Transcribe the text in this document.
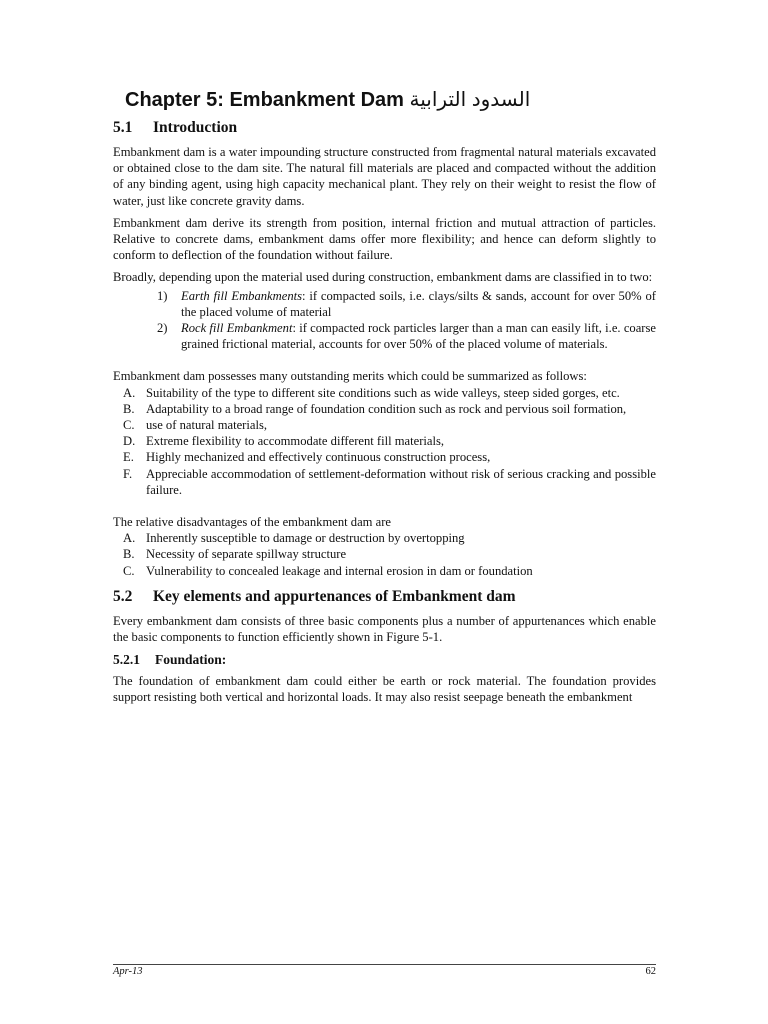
Chapter 5: Embankment Dam السدود الترابية
5.1 Introduction

Embankment dam is a water impounding structure constructed from fragmental natural materials excavated or obtained close to the dam site. The natural fill materials are placed and compacted without the addition of any binding agent, using high capacity mechanical plant. They rely on their weight to resist the flow of water, just like concrete gravity dams.

Embankment dam derive its strength from position, internal friction and mutual attraction of particles. Relative to concrete dams, embankment dams offer more flexibility; and hence can deform slightly to conform to deflection of the foundation without failure.

Broadly, depending upon the material used during construction, embankment dams are classified in to two:

1) Earth fill Embankments: if compacted soils, i.e. clays/silts & sands, account for over 50% of the placed volume of material
2) Rock fill Embankment: if compacted rock particles larger than a man can easily lift, i.e. coarse grained frictional material, accounts for over 50% of the placed volume of materials.

Embankment dam possesses many outstanding merits which could be summarized as follows:

A. Suitability of the type to different site conditions such as wide valleys, steep sided gorges, etc.
B. Adaptability to a broad range of foundation condition such as rock and pervious soil formation,
C. use of natural materials,
D. Extreme flexibility to accommodate different fill materials,
E. Highly mechanized and effectively continuous construction process,
F. Appreciable accommodation of settlement-deformation without risk of serious cracking and possible failure.

The relative disadvantages of the embankment dam are

A. Inherently susceptible to damage or destruction by overtopping
B. Necessity of separate spillway structure
C. Vulnerability to concealed leakage and internal erosion in dam or foundation
5.2 Key elements and appurtenances of Embankment dam

Every embankment dam consists of three basic components plus a number of appurtenances which enable the basic components to function efficiently shown in Figure 5-1.

5.2.1 Foundation:

The foundation of embankment dam could either be earth or rock material. The foundation provides support resisting both vertical and horizontal loads. It may also resist seepage beneath the embankment

Apr-13	62
